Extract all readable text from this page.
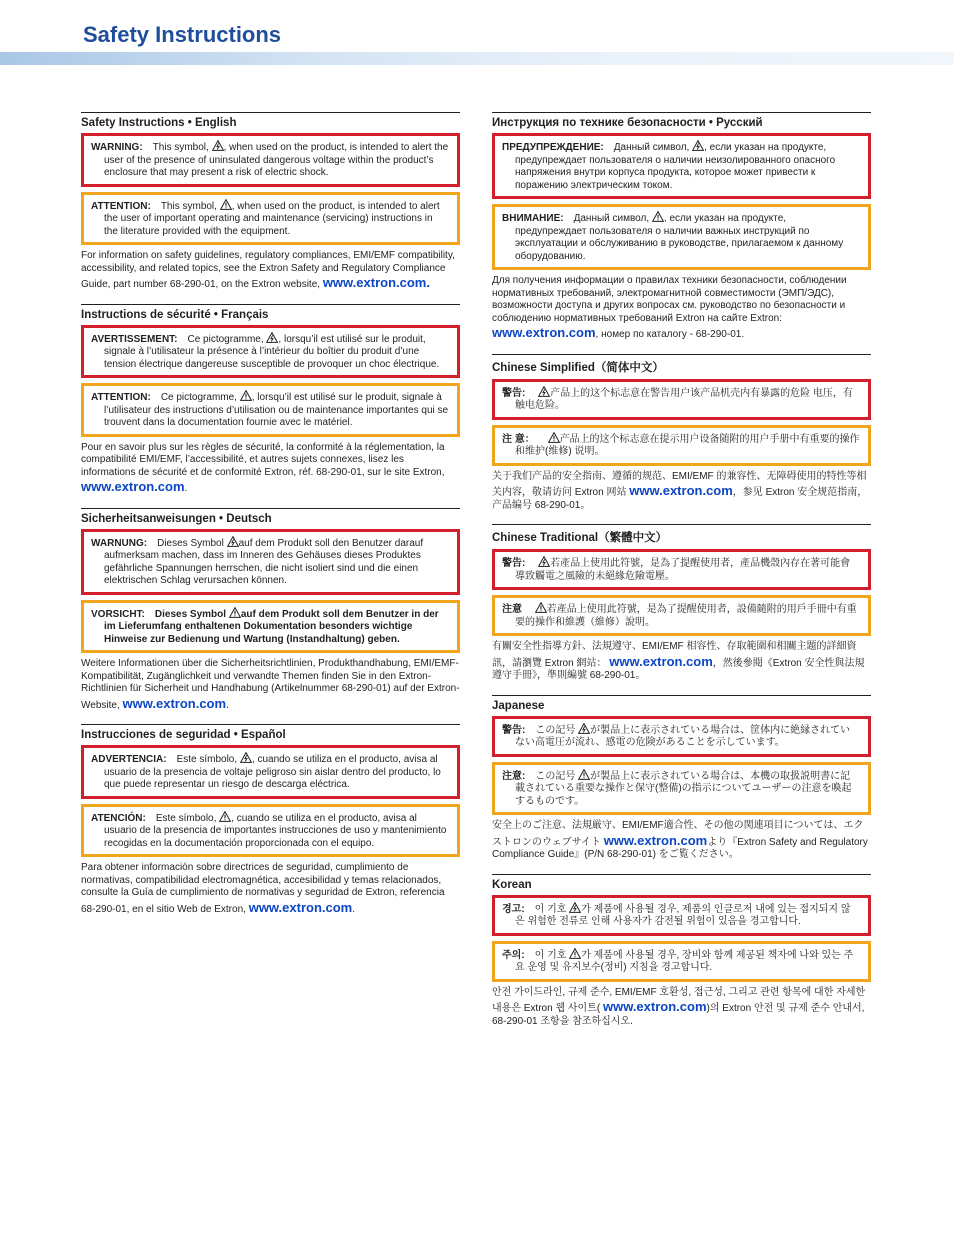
Safety Instructions
Safety Instructions • English
WARNING: This symbol, , when used on the product, is intended to alert the user of the presence of uninsulated dangerous voltage within the product’s enclosure that may present a risk of electric shock.
ATTENTION: This symbol, , when used on the product, is intended to alert the user of important operating and maintenance (servicing) instructions in the literature provided with the equipment.

For information on safety guidelines, regulatory compliances, EMI/EMF compatibility, accessibility, and related topics, see the Extron Safety and Regulatory Compliance Guide, part number 68-290-01, on the Extron website, www.extron.com.

Instructions de sécurité • Français
AVERTISSEMENT: Ce pictogramme, , lorsqu’il est utilisé sur le produit, signale à l’utilisateur la présence à l’intérieur du boîtier du produit d’une tension électrique dangereuse susceptible de provoquer un choc électrique.
ATTENTION: Ce pictogramme, , lorsqu’il est utilisé sur le produit, signale à l’utilisateur des instructions d’utilisation ou de maintenance importantes qui se trouvent dans la documentation fournie avec le matériel.

Pour en savoir plus sur les règles de sécurité, la conformité à la réglementation, la compatibilité EMI/EMF, l’accessibilité, et autres sujets connexes, lisez les informations de sécurité et de conformité Extron, réf. 68-290-01, sur le site Extron, www.extron.com.

Sicherheitsanweisungen • Deutsch
WARNUNG: Dieses Symbol auf dem Produkt soll den Benutzer darauf aufmerksam machen, dass im Inneren des Gehäuses dieses Produktes gefährliche Spannungen herrschen, die nicht isoliert sind und die einen elektrischen Schlag verursachen können.
VORSICHT: Dieses Symbol auf dem Produkt soll dem Benutzer in der im Lieferumfang enthaltenen Dokumentation besonders wichtige Hinweise zur Bedienung und Wartung (Instandhaltung) geben.

Weitere Informationen über die Sicherheitsrichtlinien, Produkthandhabung, EMI/EMF-Kompatibilität, Zugänglichkeit und verwandte Themen finden Sie in den Extron-Richtlinien für Sicherheit und Handhabung (Artikelnummer 68-290-01) auf der Extron-Website, www.extron.com.

Instrucciones de seguridad • Español
ADVERTENCIA: Este símbolo, , cuando se utiliza en el producto, avisa al usuario de la presencia de voltaje peligroso sin aislar dentro del producto, lo que puede representar un riesgo de descarga eléctrica.
ATENCIÓN: Este símbolo, , cuando se utiliza en el producto, avisa al usuario de la presencia de importantes instrucciones de uso y mantenimiento recogidas en la documentación proporcionada con el equipo.

Para obtener información sobre directrices de seguridad, cumplimiento de normativas, compatibilidad electromagnética, accesibilidad y temas relacionados, consulte la Guía de cumplimiento de normativas y seguridad de Extron, referencia 68-290-01, en el sitio Web de Extron, www.extron.com.

Инструкция по технике безопасности • Русский
ПРЕДУПРЕЖДЕНИЕ: Данный символ, , если указан на продукте, предупреждает пользователя о наличии неизолированного опасного напряжения внутри корпуса продукта, которое может привести к поражению электрическим током.
ВНИМАНИЕ: Данный символ, , если указан на продукте, предупреждает пользователя о наличии важных инструкций по эксплуатации и обслуживанию в руководстве, прилагаемом к данному оборудованию.

Для получения информации о правилах техники безопасности, соблюдении нормативных требований, электромагнитной совместимости (ЭМП/ЭДС), возможности доступа и других вопросах см. руководство по безопасности и соблюдению нормативных требований Extron на сайте Extron: www.extron.com, номер по каталогу - 68-290-01.

Chinese Simplified（简体中文）
警告: 产品上的这个标志意在警告用户该产品机壳内有暴露的危险 电压，有触电危险。
注 意： 产品上的这个标志意在提示用户设备随附的用户手册中有重要的操作和维护(维修) 说明。

关于我们产品的安全指南、遵循的规范、EMI/EMF 的兼容性、无障碍使用的特性等相关内容，敬请访问 Extron 网站 www.extron.com，参见 Extron 安全规范指南，产品编号 68-290-01。

Chinese Traditional（繁體中文）
警告: 若產品上使用此符號，是為了提醒使用者，產品機殼內存在著可能會導致觸電之風險的未絕緣危險電壓。
注意 若產品上使用此符號，是為了提醒使用者，設備隨附的用戶手冊中有重要的操作和維護（維修）說明。

有關安全性指導方針、法規遵守、EMI/EMF 相容性、存取範圍和相關主題的詳細資訊，請瀏覽 Extron 網站： www.extron.com，然後參閱《Extron 安全性與法規遵守手冊》，準則編號 68-290-01。

Japanese
警告: この記号 が製品上に表示されている場合は、筐体内に絶縁されていない高電圧が流れ、感電の危険があることを示しています。
注意: この記号 が製品上に表示されている場合は、本機の取扱説明書に記載されている重要な操作と保守(整備)の指示についてユーザーの注意を喚起するものです。

安全上のご注意、法規厳守、EMI/EMF適合性、その他の関連項目については、エクストロンのウェブサイト www.extron.comより『Extron Safety and Regulatory Compliance Guide』(P/N 68-290-01) をご覧ください。

Korean
경고: 이 기호 가 제품에 사용될 경우, 제품의 인클로저 내에 있는 접지되지 않은 위험한 전류로 인해 사용자가 감전될 위험이 있음을 경고합니다.
주의: 이 기호 가 제품에 사용될 경우, 장비와 함께 제공된 책자에 나와 있는 주요 운영 및 유지보수(정비) 지침을 경고합니다.

안전 가이드라인, 규제 준수, EMI/EMF 호환성, 접근성, 그리고 관련 항목에 대한 자세한 내용은 Extron 웹 사이트( www.extron.com)의 Extron 안전 및 규제 준수 안내서, 68-290-01 조항을 참조하십시오.
